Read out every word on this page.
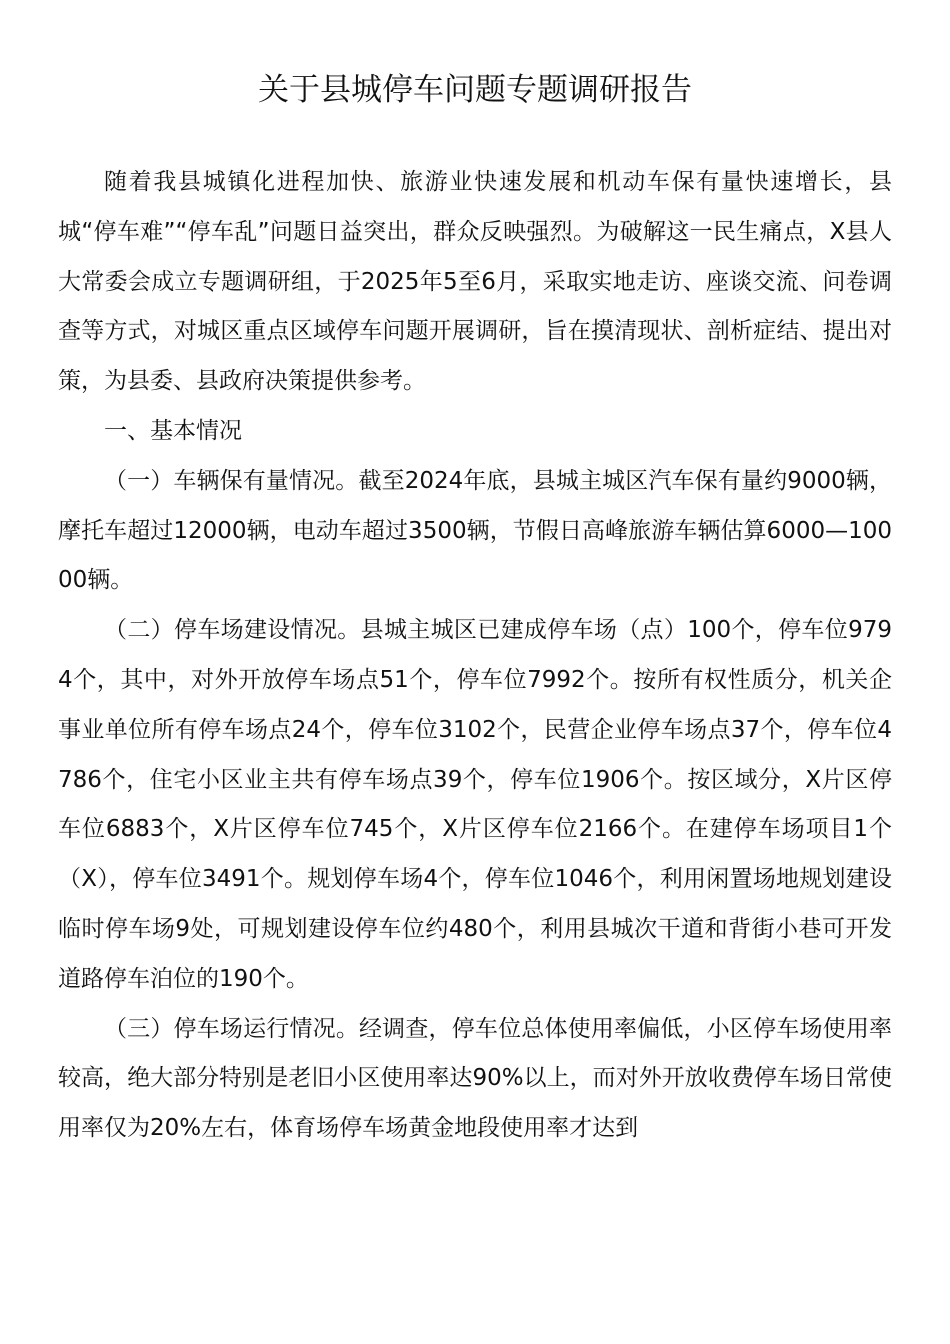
关于县城停车问题专题调研报告

随着我县城镇化进程加快、旅游业快速发展和机动车保有量快速增长，县城“停车难”“停车乱”问题日益突出，群众反映强烈。为破解这一民生痛点，X县人大常委会成立专题调研组，于2025年5至6月，采取实地走访、座谈交流、问卷调查等方式，对城区重点区域停车问题开展调研，旨在摸清现状、剖析症结、提出对策，为县委、县政府决策提供参考。

一、基本情况

（一）车辆保有量情况。截至2024年底，县城主城区汽车保有量约9000辆，摩托车超过12000辆，电动车超过3500辆，节假日高峰旅游车辆估算6000—10000辆。

（二）停车场建设情况。县城主城区已建成停车场（点）100个，停车位9794个，其中，对外开放停车场点51个，停车位7992个。按所有权性质分，机关企事业单位所有停车场点24个，停车位3102个，民营企业停车场点37个，停车位4786个，住宅小区业主共有停车场点39个，停车位1906个。按区域分，X片区停车位6883个，X片区停车位745个，X片区停车位2166个。在建停车场项目1个（X），停车位3491个。规划停车场4个，停车位1046个，利用闲置场地规划建设临时停车场9处，可规划建设停车位约480个，利用县城次干道和背街小巷可开发道路停车泊位的190个。

（三）停车场运行情况。经调查，停车位总体使用率偏低，小区停车场使用率较高，绝大部分特别是老旧小区使用率达90%以上，而对外开放收费停车场日常使用率仅为20%左右，体育场停车场黄金地段使用率才达到
